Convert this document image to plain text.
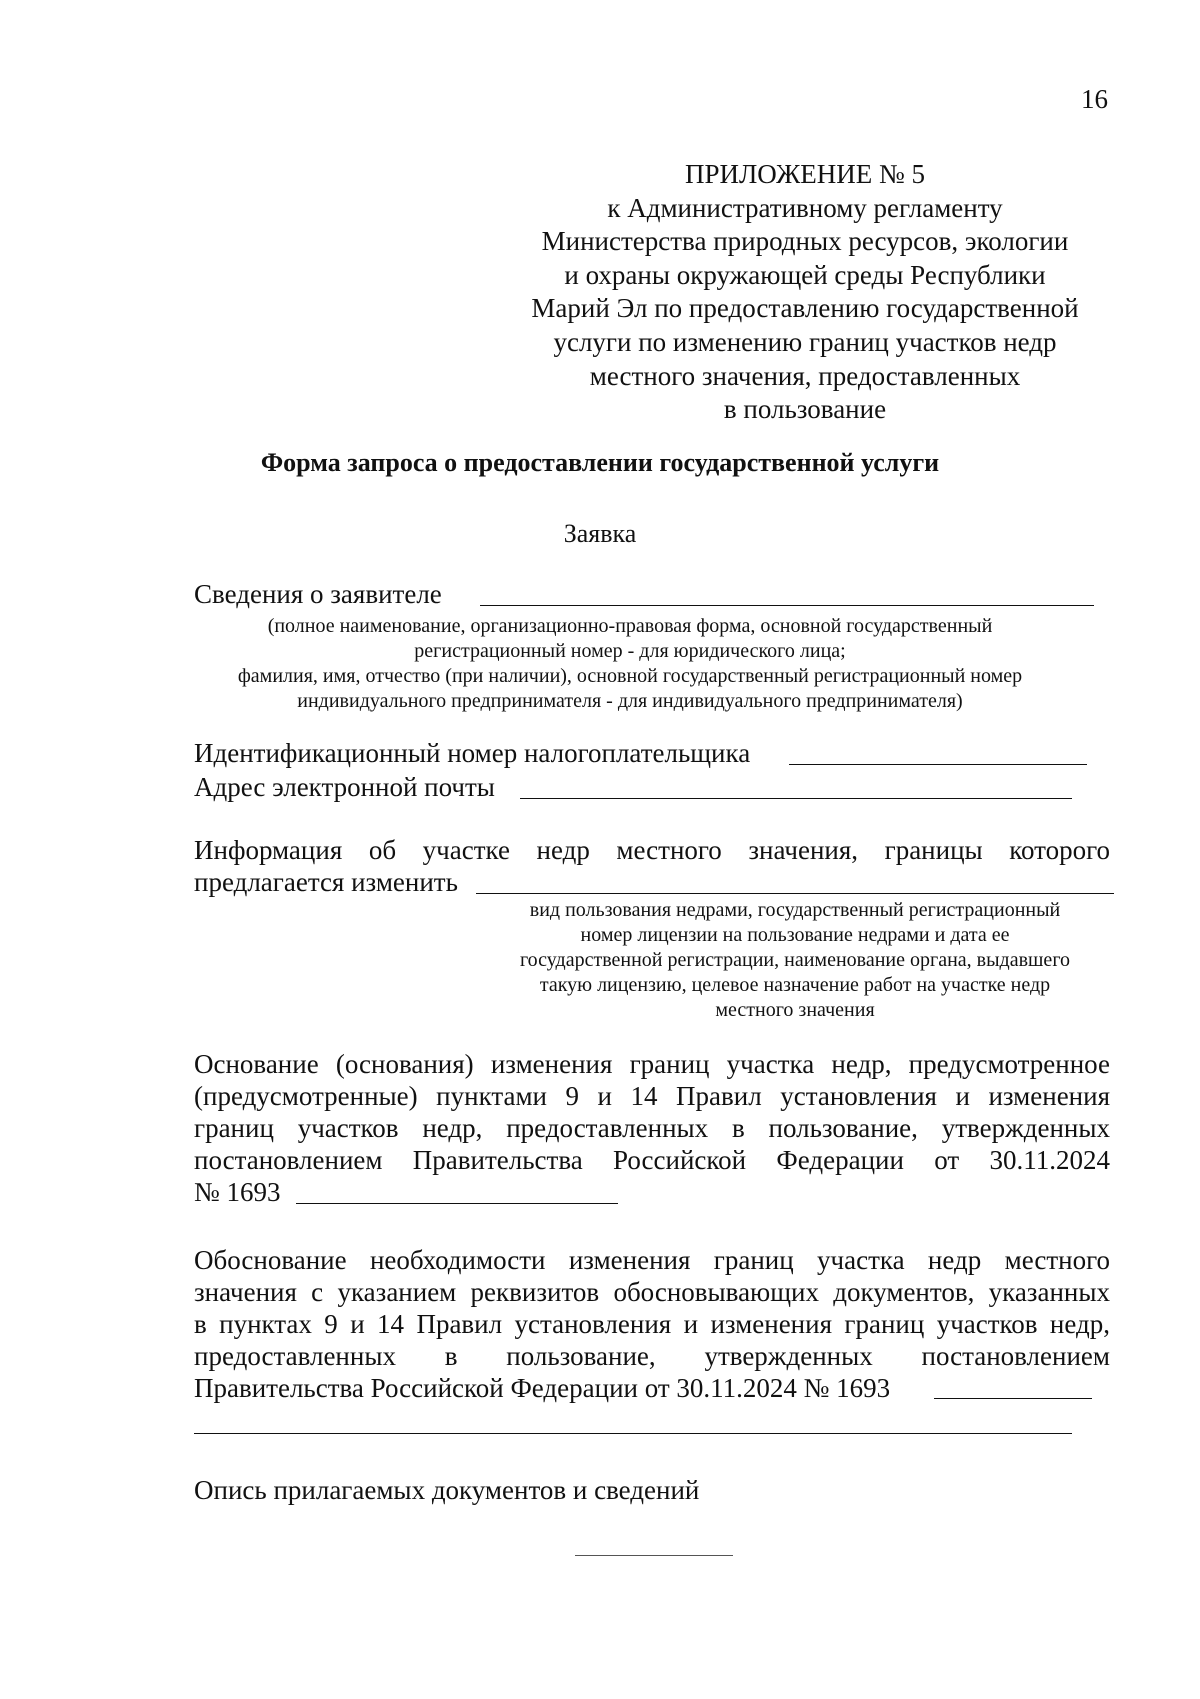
16
ПРИЛОЖЕНИЕ № 5
к Административному регламенту
Министерства природных ресурсов, экологии
и охраны окружающей среды Республики
Марий Эл по предоставлению государственной
услуги по изменению границ участков недр
местного значения, предоставленных
в пользование
Форма запроса о предоставлении государственной услуги
Заявка
Сведения о заявителе
(полное наименование, организационно-правовая форма, основной государственный
регистрационный номер - для юридического лица;
фамилия, имя, отчество (при наличии), основной государственный регистрационный номер
индивидуального предпринимателя - для индивидуального предпринимателя)
Идентификационный номер налогоплательщика
Адрес электронной почты
Информация об участке недр местного значения, границы которого
предлагается изменить
вид пользования недрами, государственный регистрационный
номер лицензии на пользование недрами и дата ее
государственной регистрации, наименование органа, выдавшего
такую лицензию, целевое назначение работ на участке недр
местного значения
Основание (основания) изменения границ участка недр, предусмотренное
(предусмотренные) пунктами 9 и 14 Правил установления и изменения
границ участков недр, предоставленных в пользование, утвержденных
постановлением Правительства Российской Федерации от 30.11.2024
№ 1693
Обоснование необходимости изменения границ участка недр местного
значения с указанием реквизитов обосновывающих документов, указанных
в пунктах 9 и 14 Правил установления и изменения границ участков недр,
предоставленных в пользование, утвержденных постановлением
Правительства Российской Федерации от 30.11.2024 № 1693
Опись прилагаемых документов и сведений
